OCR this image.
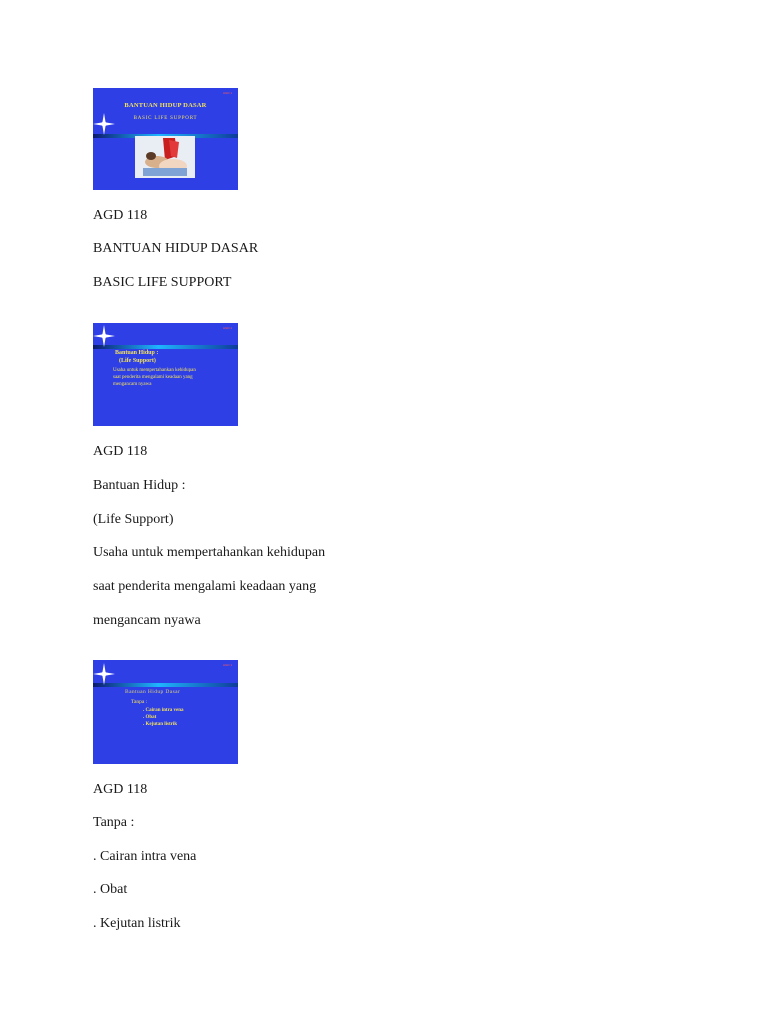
AGD 1
BANTUAN HIDUP DASAR
BASIC LIFE SUPPORT
AGD 118
BANTUAN HIDUP DASAR
BASIC LIFE SUPPORT
AGD 1
Bantuan Hidup :
(Life Support)
Usaha untuk mempertahankan kehidupan
saat penderita mengalami keadaan yang
mengancam nyawa
AGD 118
Bantuan Hidup :
(Life Support)
Usaha untuk mempertahankan kehidupan
saat penderita mengalami keadaan yang
mengancam nyawa
AGD 1
Bantuan Hidup Dasar
Tanpa :
. Cairan intra vena
. Obat
. Kejutan listrik
AGD 118
Tanpa :
. Cairan intra vena
. Obat
. Kejutan listrik
